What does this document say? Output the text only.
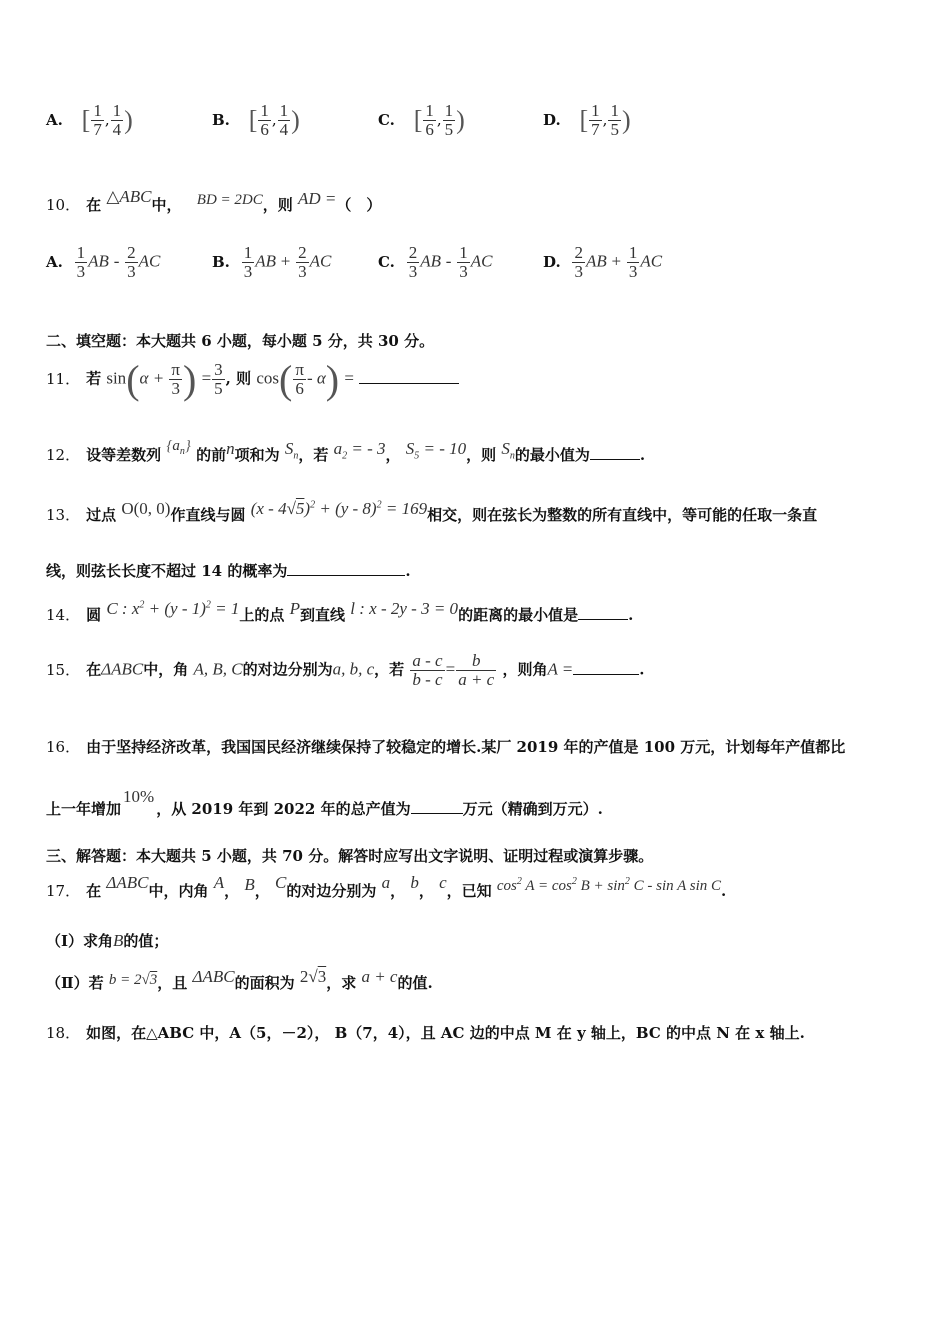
A. [ $\frac{1}{7}$ , $\frac{1}{4}$ )	B. [ $\frac{1}{6}$ , $\frac{1}{4}$ )	C. [ $\frac{1}{6}$ , $\frac{1}{5}$ )	D. [ $\frac{1}{7}$ , $\frac{1}{5}$ )
10． 在 △ABC中， BD = 2DC，则 AD =（　）
A. $\frac{1}{3}$ AB - $\frac{2}{3}$ AC	B. $\frac{1}{3}$ AB + $\frac{2}{3}$ AC	C. $\frac{2}{3}$ AB - $\frac{1}{3}$ AC	D. $\frac{2}{3}$ AB + $\frac{1}{3}$ AC
二、填空题：本大题共 6 小题，每小题 5 分，共 30 分。
11． 若 $\sin(\alpha + \frac{\pi}{3}$ ) = $\frac{3}{5}$ , 则 $\cos( \frac{\pi}{6} - \alpha)$ =
12． 设等差数列 $\{a_n\}$ 的前n项和为 $S_n$，若 $a_2$ = - 3， $S_5$ = - 10，则 $S_n$的最小值为	.
13． 过点 O(0, 0)作直线与圆 (x - 4√5)$^2$ + (y - 8)$^2$ = 169相交，则在弦长为整数的所有直线中，等可能的任取一条直
线，则弦长长度不超过 14 的概率为	.
14． 圆 C : $x^2 + (y - 1)^2 = 1$上的点 P到直线 l : x - 2y - 3 = 0的距离的最小值是	.
15． 在ΔABC中，角 A, B, C的对边分别为a, b, c，若 $\frac{a - c}{b - c} = \frac{b}{a + c}$ ，则角A =	.
16． 由于坚持经济改革，我国国民经济继续保持了较稳定的增长.某厂 2019 年的产值是 100 万元，计划每年产值都比
上一年增加10%，从 2019 年到 2022 年的总产值为	万元（精确到万元）.
三、解答题：本大题共 5 小题，共 70 分。解答时应写出文字说明、证明过程或演算步骤。
17． 在 ΔABC中，内角 A， B， C的对边分别为 a， b， c，已知 $\cos^2 A = \cos^2 B + \sin^2 C - \sin A$ sin C.
（Ⅰ）求角B的值；
（Ⅱ）若 b = 2√3，且 ΔABC的面积为 2√3，求 a + c的值.
18． 如图，在△ABC 中，A（5，－2）， B（7，4），且 AC 边的中点 M 在 y 轴上，BC 的中点 N 在 x 轴上.
